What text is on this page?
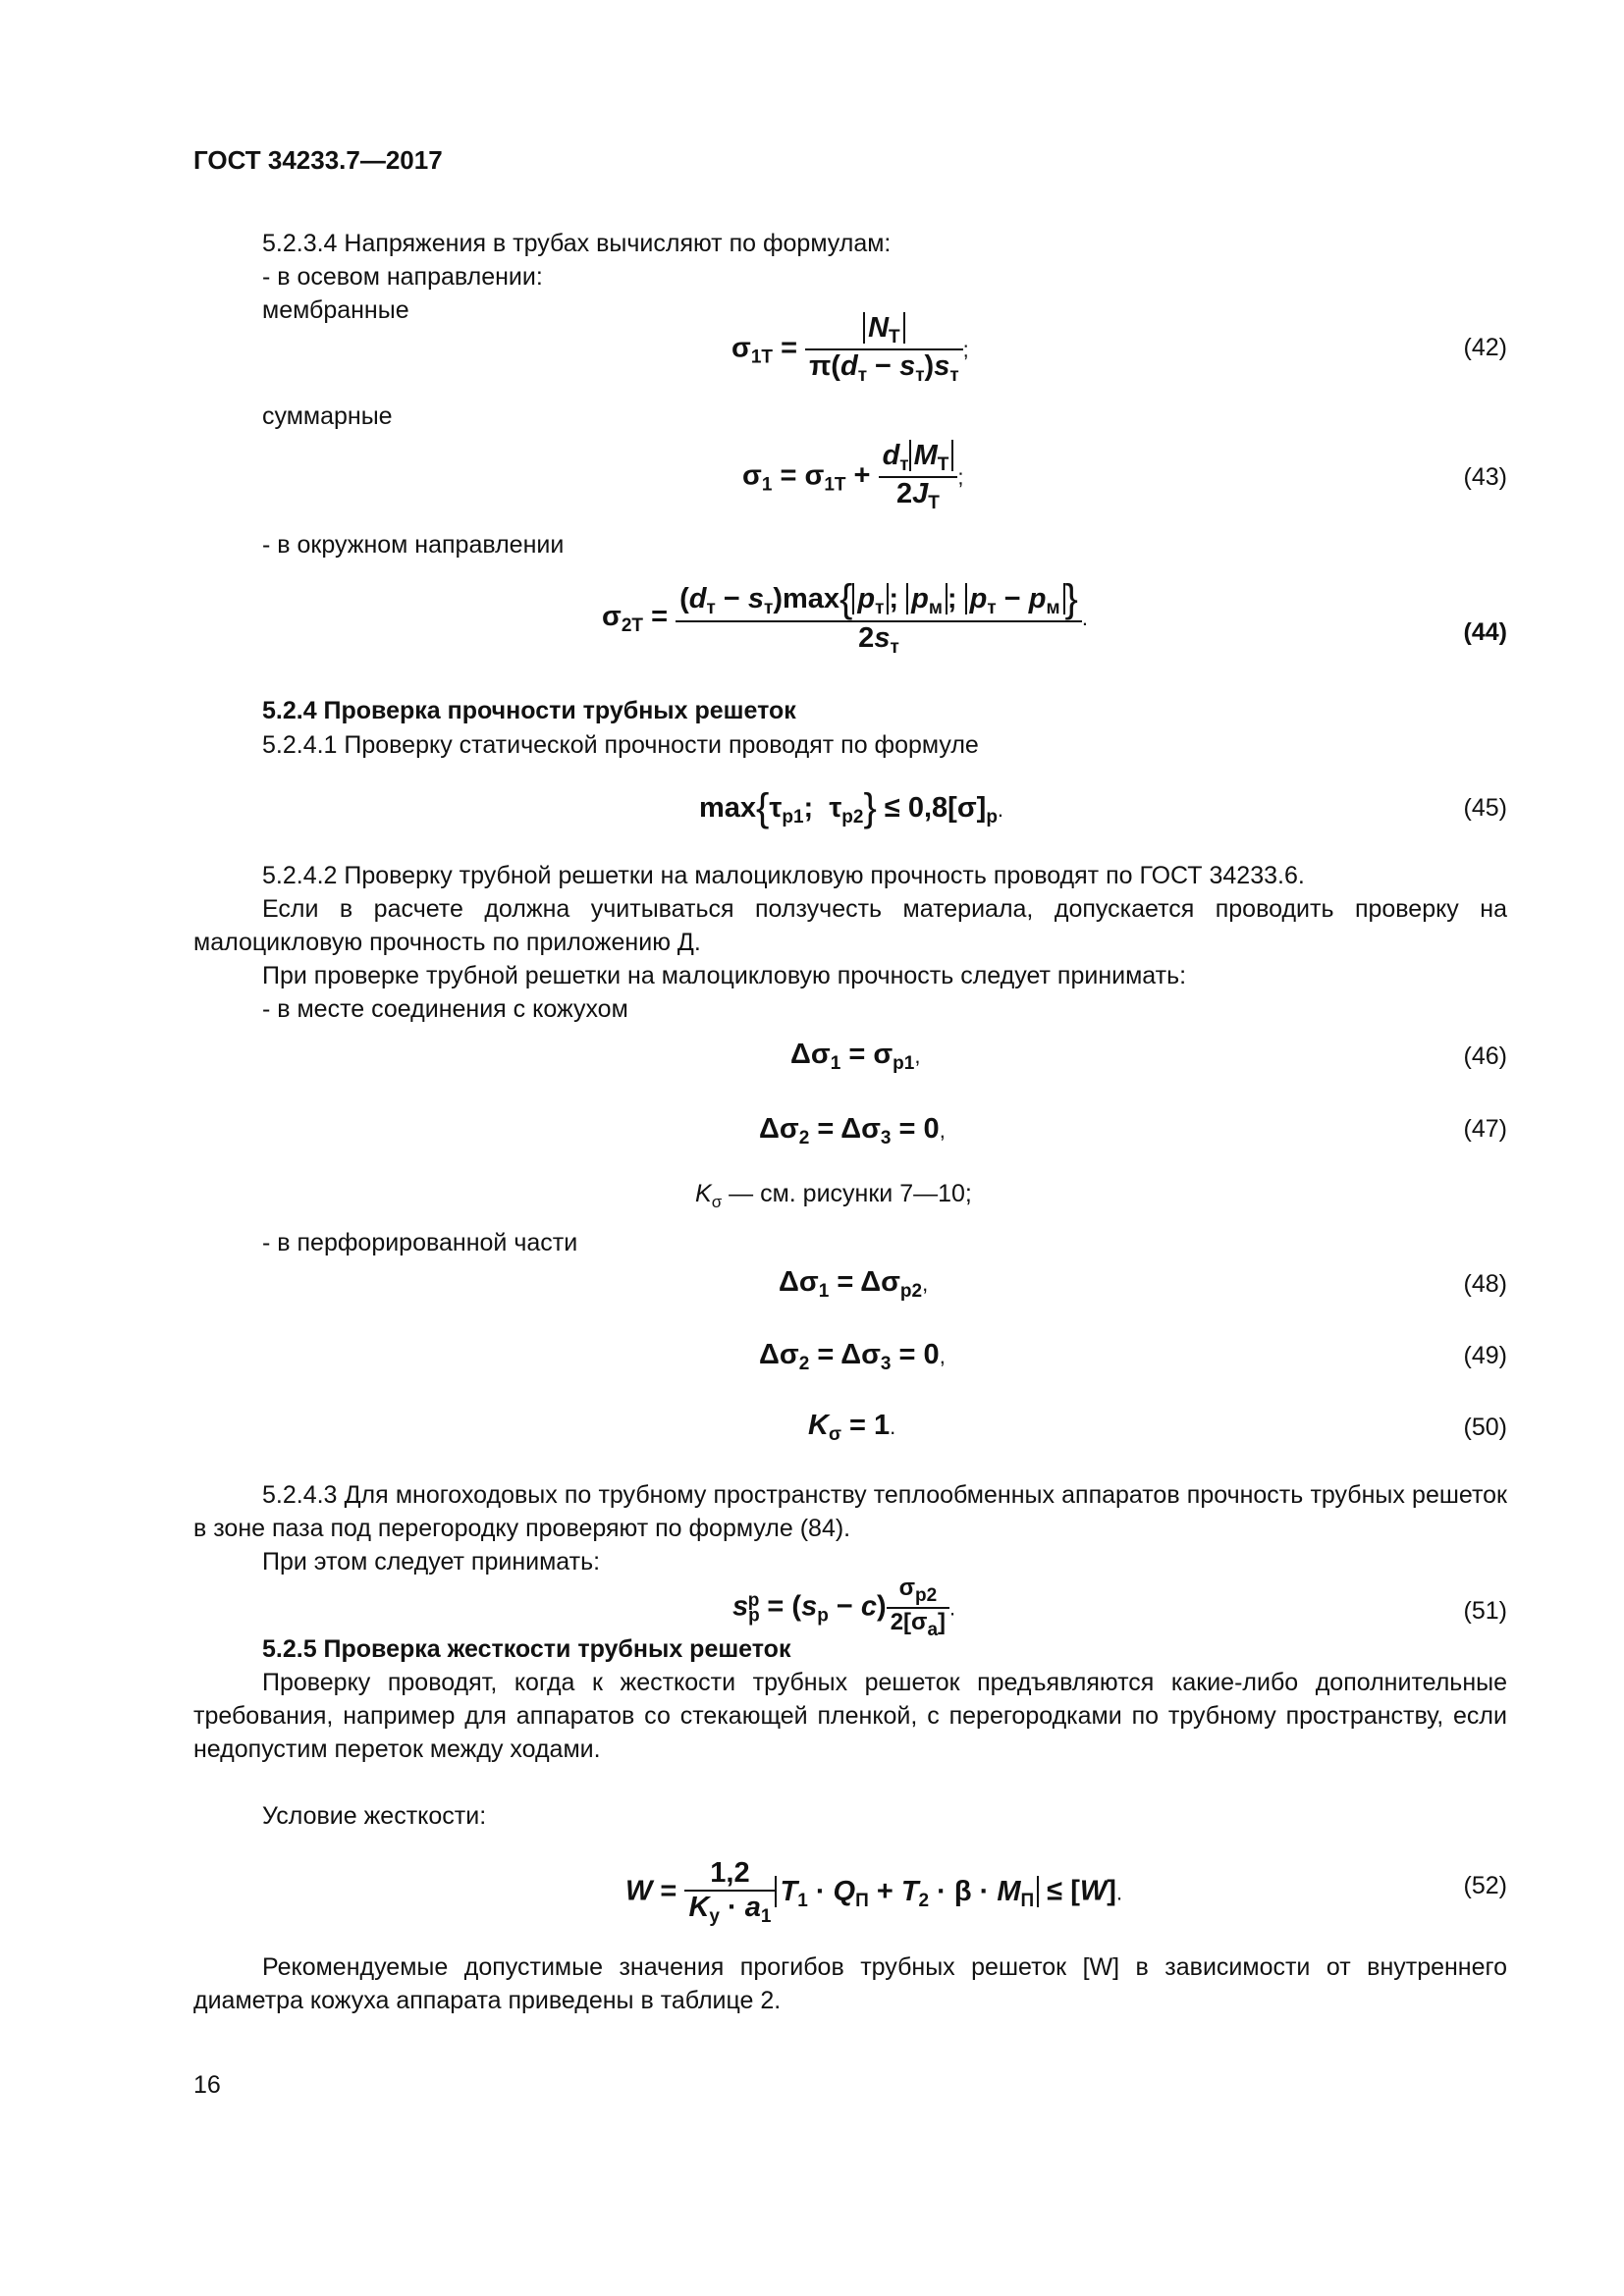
ГОСТ 34233.7—2017
5.2.3.4 Напряжения в трубах вычисляют по формулам:
- в осевом направлении:
мембранные
$\sigma_{1T} = \frac{N_T}{\pi(d_т - s_т)s_т}$ ;	(42)
суммарные
$\sigma_1 = \sigma_{1T} + \frac{d_т M_T}{2J_T}$ ;	(43)
- в окружном направлении
$\sigma_{2T} = \frac{(d_т - s_т)\max\{ p_т ; p_м ; p_т - p_м \}}{2s_т}$ .
(44)
5.2.4 Проверка прочности трубных решеток
5.2.4.1 Проверку статической прочности проводят по формуле
$\max\{\tau_{p1}$;  $\tau_{p2}\} \le 0,8[\sigma]_p$.	(45)
5.2.4.2 Проверку трубной решетки на малоцикловую прочность проводят по ГОСТ 34233.6.
Если в расчете должна учитываться ползучесть материала, допускается проводить проверку на малоцикловую прочность по приложению Д.
При проверке трубной решетки на малоцикловую прочность следует принимать:
- в месте соединения с кожухом
$\Delta\sigma_1 = \sigma_{p1}$,	(46)
$\Delta\sigma_2 = \Delta\sigma_3 = 0$,	(47)
$K_\sigma$ — см. рисунки 7—10;
- в перфорированной части
$\Delta\sigma_1 = \Delta\sigma_{p2}$,	(48)
$\Delta\sigma_2 = \Delta\sigma_3 = 0$,	(49)
$K_\sigma = 1$.	(50)
5.2.4.3 Для многоходовых по трубному пространству теплообменных аппаратов прочность трубных решеток в зоне паза под перегородку проверяют по формуле (84).
При этом следует принимать:
$s_p^p = (s_p - c) \frac{\sigma_{p2}}{2[\sigma_a]}$ .	(51)
5.2.5 Проверка жесткости трубных решеток
Проверку проводят, когда к жесткости трубных решеток предъявляются какие-либо дополнительные требования, например для аппаратов со стекающей пленкой, с перегородками по трубному пространству, если недопустим переток между ходами.
Условие жесткости:
$W = \frac{1,2}{K_y \cdot a_1} T_1 \cdot Q_П + T_2 \cdot \beta \cdot M_П \le [W]$.	(52)
Рекомендуемые допустимые значения прогибов трубных решеток [W] в зависимости от внутреннего диаметра кожуха аппарата приведены в таблице 2.
16
